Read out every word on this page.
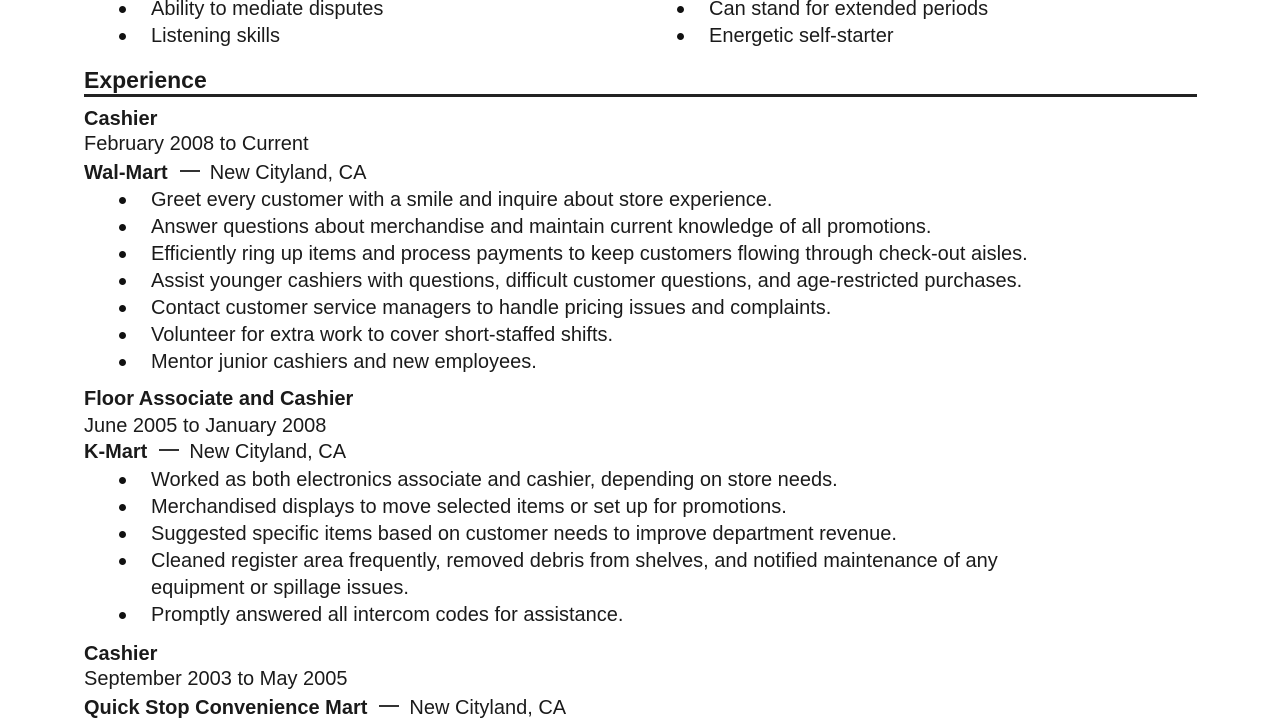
Ability to mediate disputes
Listening skills
Can stand for extended periods
Energetic self-starter
Experience
Cashier
February 2008 to Current
Wal-Mart New Cityland, CA
Greet every customer with a smile and inquire about store experience.
Answer questions about merchandise and maintain current knowledge of all promotions.
Efficiently ring up items and process payments to keep customers flowing through check-out aisles.
Assist younger cashiers with questions, difficult customer questions, and age-restricted purchases.
Contact customer service managers to handle pricing issues and complaints.
Volunteer for extra work to cover short-staffed shifts.
Mentor junior cashiers and new employees.
Floor Associate and Cashier
June 2005 to January 2008
K-Mart New Cityland, CA
Worked as both electronics associate and cashier, depending on store needs.
Merchandised displays to move selected items or set up for promotions.
Suggested specific items based on customer needs to improve department revenue.
Cleaned register area frequently, removed debris from shelves, and notified maintenance of any
equipment or spillage issues.
Promptly answered all intercom codes for assistance.
Cashier
September 2003 to May 2005
Quick Stop Convenience Mart New Cityland, CA
